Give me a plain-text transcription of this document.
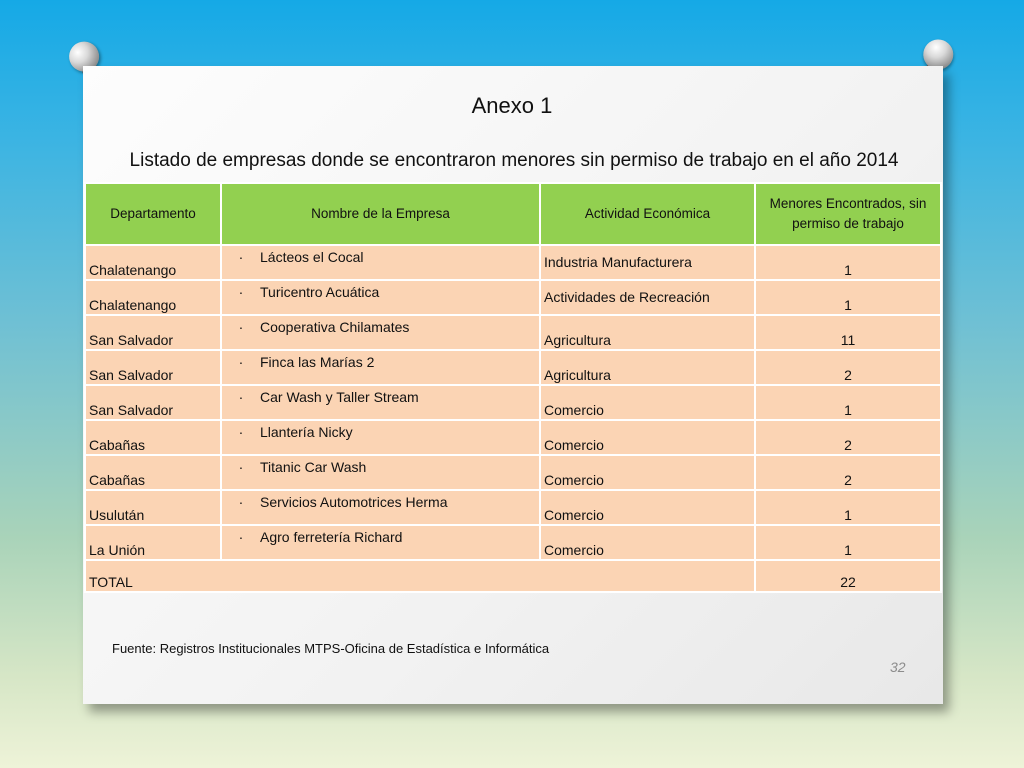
Anexo 1
Listado de empresas donde se encontraron menores sin permiso de trabajo en el año 2014
Departamento	Nombre de la Empresa	Actividad Económica	Menores Encontrados, sin permiso de trabajo
Chalatenango	· Lácteos el Cocal	Industria Manufacturera	1
Chalatenango	· Turicentro Acuática	Actividades de Recreación	1
San Salvador	· Cooperativa Chilamates	Agricultura	11
San Salvador	· Finca las Marías 2	Agricultura	2
San Salvador	· Car Wash y Taller Stream	Comercio	1
Cabañas	· Llantería Nicky	Comercio	2
Cabañas	· Titanic Car Wash	Comercio	2
Usulután	· Servicios Automotrices Herma	Comercio	1
La Unión	· Agro ferretería Richard	Comercio	1
TOTAL			22
Fuente: Registros Institucionales MTPS-Oficina de Estadística e Informática
32
